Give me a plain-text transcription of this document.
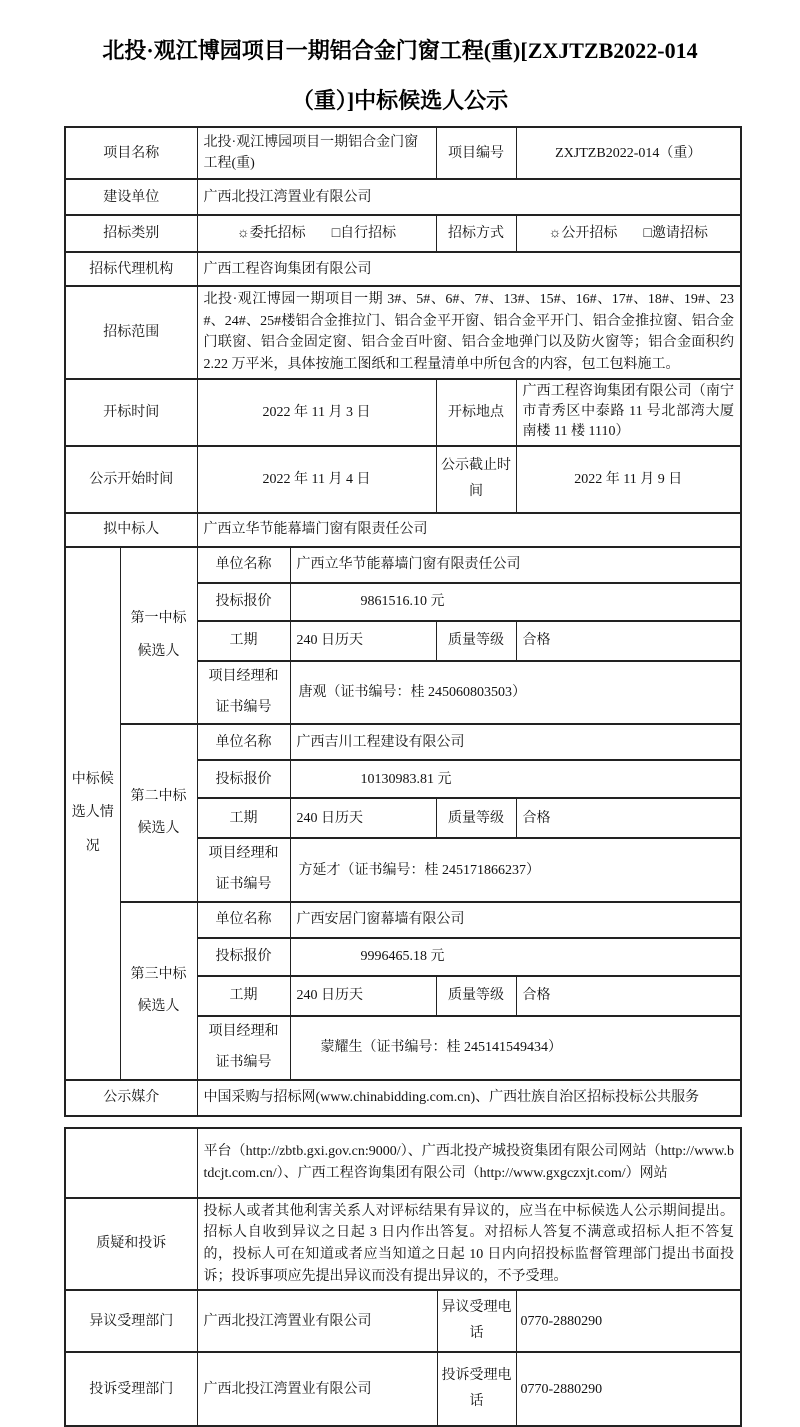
北投·观江博园项目一期铝合金门窗工程(重)[ZXJTZB2022-014
（重）]中标候选人公示
项目名称		北投·观江博园项目一期铝合金门窗工程(重)		项目编号	ZXJTZB2022-014（重）
建设单位		广西北投江湾置业有限公司			
招标类别		☼委托招标 □自行招标		招标方式	☼公开招标 □邀请招标

招标代理机构		广西工程咨询集团有限公司			
招标范围		北投·观江博园一期项目一期 3#、5#、6#、7#、13#、15#、16#、17#、18#、19#、23#、24#、25#楼铝合金推拉门、铝合金平开窗、铝合金平开门、铝合金推拉窗、铝合金门联窗、铝合金固定窗、铝合金百叶窗、铝合金地弹门以及防火窗等；铝合金面积约 2.22 万平米，具体按施工图纸和工程量清单中所包含的内容，包工包料施工。			
开标时间		2022 年 11 月 3 日		开标地点	广西工程咨询集团有限公司（南宁市青秀区中泰路 11 号北部湾大厦南楼 11 楼 1110）
公示开始时间		2022 年 11 月 4 日		公示截止时间	2022 年 11 月 9 日
拟中标人		广西立华节能幕墙门窗有限责任公司			
中标候选人情况	第一中标候选人	单位名称	广西立华节能幕墙门窗有限责任公司		
		投标报价	9861516.10 元		
		工期	240 日历天	质量等级	合格
		项目经理和证书编号	唐观（证书编号：桂 245060803503）		
	第二中标候选人	单位名称	广西吉川工程建设有限公司		
		投标报价	10130983.81 元		
		工期	240 日历天	质量等级	合格
		项目经理和证书编号	方延才（证书编号：桂 245171866237）		
	第三中标候选人	单位名称	广西安居门窗幕墙有限公司		
		投标报价	9996465.18 元		
		工期	240 日历天	质量等级	合格
		项目经理和证书编号	蒙耀生（证书编号：桂 245141549434）		
公示媒介		中国采购与招标网(www.chinabidding.com.cn)、广西壮族自治区招标投标公共服务			
	平台（http://zbtb.gxi.gov.cn:9000/）、广西北投产城投资集团有限公司网站（http://www.btdcjt.com.cn/）、广西工程咨询集团有限公司（http://www.gxgczxjt.com/）网站		
质疑和投诉	投标人或者其他利害关系人对评标结果有异议的，应当在中标候选人公示期间提出。招标人自收到异议之日起 3 日内作出答复。对招标人答复不满意或招标人拒不答复的，投标人可在知道或者应当知道之日起 10 日内向招投标监督管理部门提出书面投诉；投诉事项应先提出异议而没有提出异议的，不予受理。		
异议受理部门	广西北投江湾置业有限公司	异议受理电话	0770-2880290
投诉受理部门	广西北投江湾置业有限公司	投诉受理电话	0770-2880290
